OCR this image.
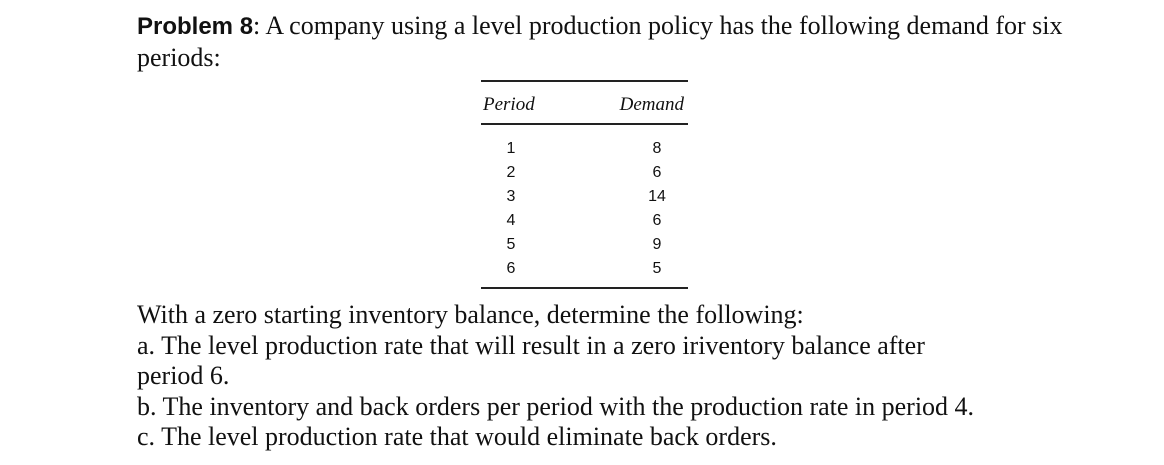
Problem 8: A company using a level production policy has the following demand for six periods:
Period	Demand
1	8
2	6
3	14
4	6
5	9
6	5
With a zero starting inventory balance, determine the following:
a. The level production rate that will result in a zero iriventory balance after
period 6.
b. The inventory and back orders per period with the production rate in period 4.
c. The level production rate that would eliminate back orders.
